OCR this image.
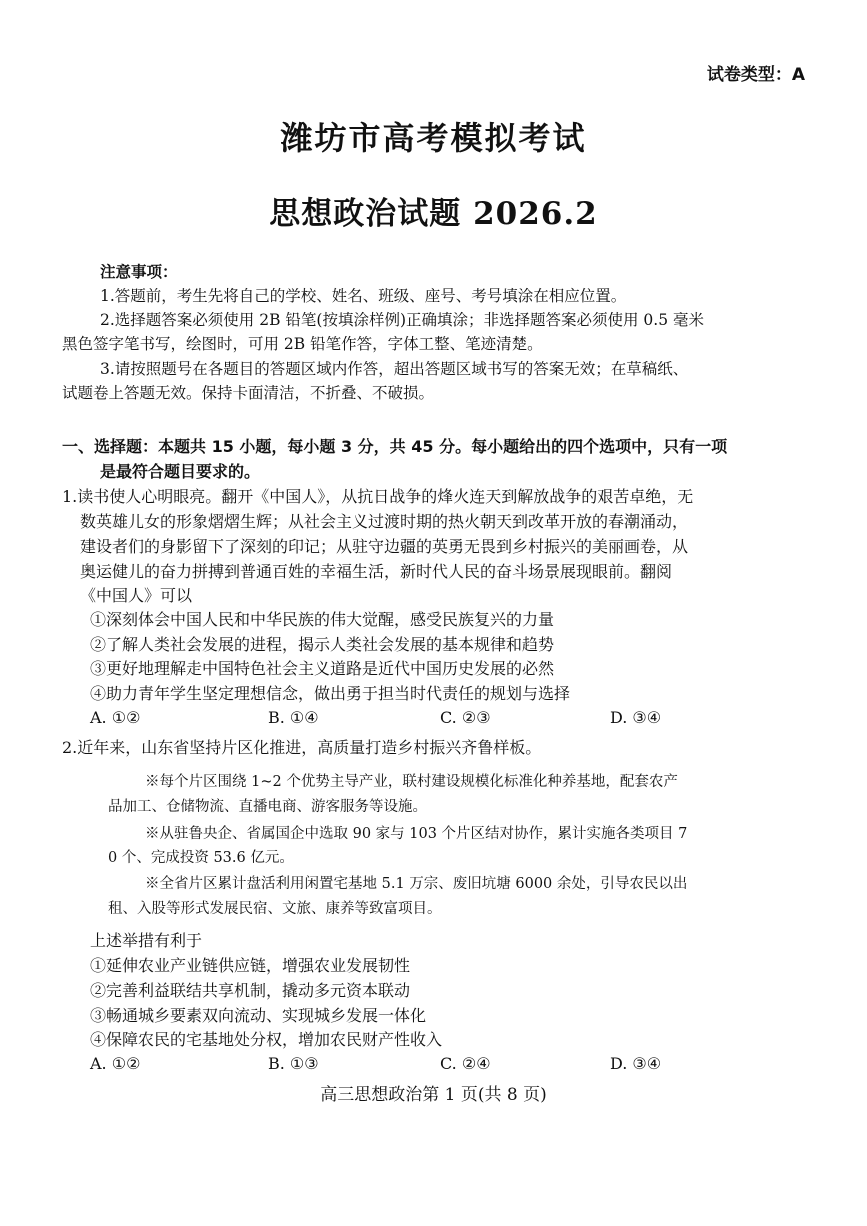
试卷类型：A
潍坊市高考模拟考试
思想政治试题 2026.2
注意事项：
1.答题前，考生先将自己的学校、姓名、班级、座号、考号填涂在相应位置。
2.选择题答案必须使用 2B 铅笔(按填涂样例)正确填涂；非选择题答案必须使用 0.5 毫米
黑色签字笔书写，绘图时，可用 2B 铅笔作答，字体工整、笔迹清楚。
3.请按照题号在各题目的答题区域内作答，超出答题区域书写的答案无效；在草稿纸、
试题卷上答题无效。保持卡面清洁，不折叠、不破损。
一、选择题：本题共 15 小题，每小题 3 分，共 45 分。每小题给出的四个选项中，只有一项
是最符合题目要求的。
1.读书使人心明眼亮。翻开《中国人》，从抗日战争的烽火连天到解放战争的艰苦卓绝，无
数英雄儿女的形象熠熠生辉；从社会主义过渡时期的热火朝天到改革开放的春潮涌动，
建设者们的身影留下了深刻的印记；从驻守边疆的英勇无畏到乡村振兴的美丽画卷，从
奥运健儿的奋力拼搏到普通百姓的幸福生活，新时代人民的奋斗场景展现眼前。翻阅
《中国人》可以
①深刻体会中国人民和中华民族的伟大觉醒，感受民族复兴的力量
②了解人类社会发展的进程，揭示人类社会发展的基本规律和趋势
③更好地理解走中国特色社会主义道路是近代中国历史发展的必然
④助力青年学生坚定理想信念，做出勇于担当时代责任的规划与选择
A. ①②	B. ①④	C. ②③	D. ③④
2.近年来，山东省坚持片区化推进，高质量打造乡村振兴齐鲁样板。
※每个片区围绕 1~2 个优势主导产业，联村建设规模化标准化种养基地，配套农产
品加工、仓储物流、直播电商、游客服务等设施。
※从驻鲁央企、省属国企中选取 90 家与 103 个片区结对协作，累计实施各类项目 7
0 个、完成投资 53.6 亿元。
※全省片区累计盘活利用闲置宅基地 5.1 万宗、废旧坑塘 6000 余处，引导农民以出
租、入股等形式发展民宿、文旅、康养等致富项目。
上述举措有利于
①延伸农业产业链供应链，增强农业发展韧性
②完善利益联结共享机制，撬动多元资本联动
③畅通城乡要素双向流动、实现城乡发展一体化
④保障农民的宅基地处分权，增加农民财产性收入
A. ①②	B. ①③	C. ②④	D. ③④
高三思想政治第 1 页(共 8 页)
